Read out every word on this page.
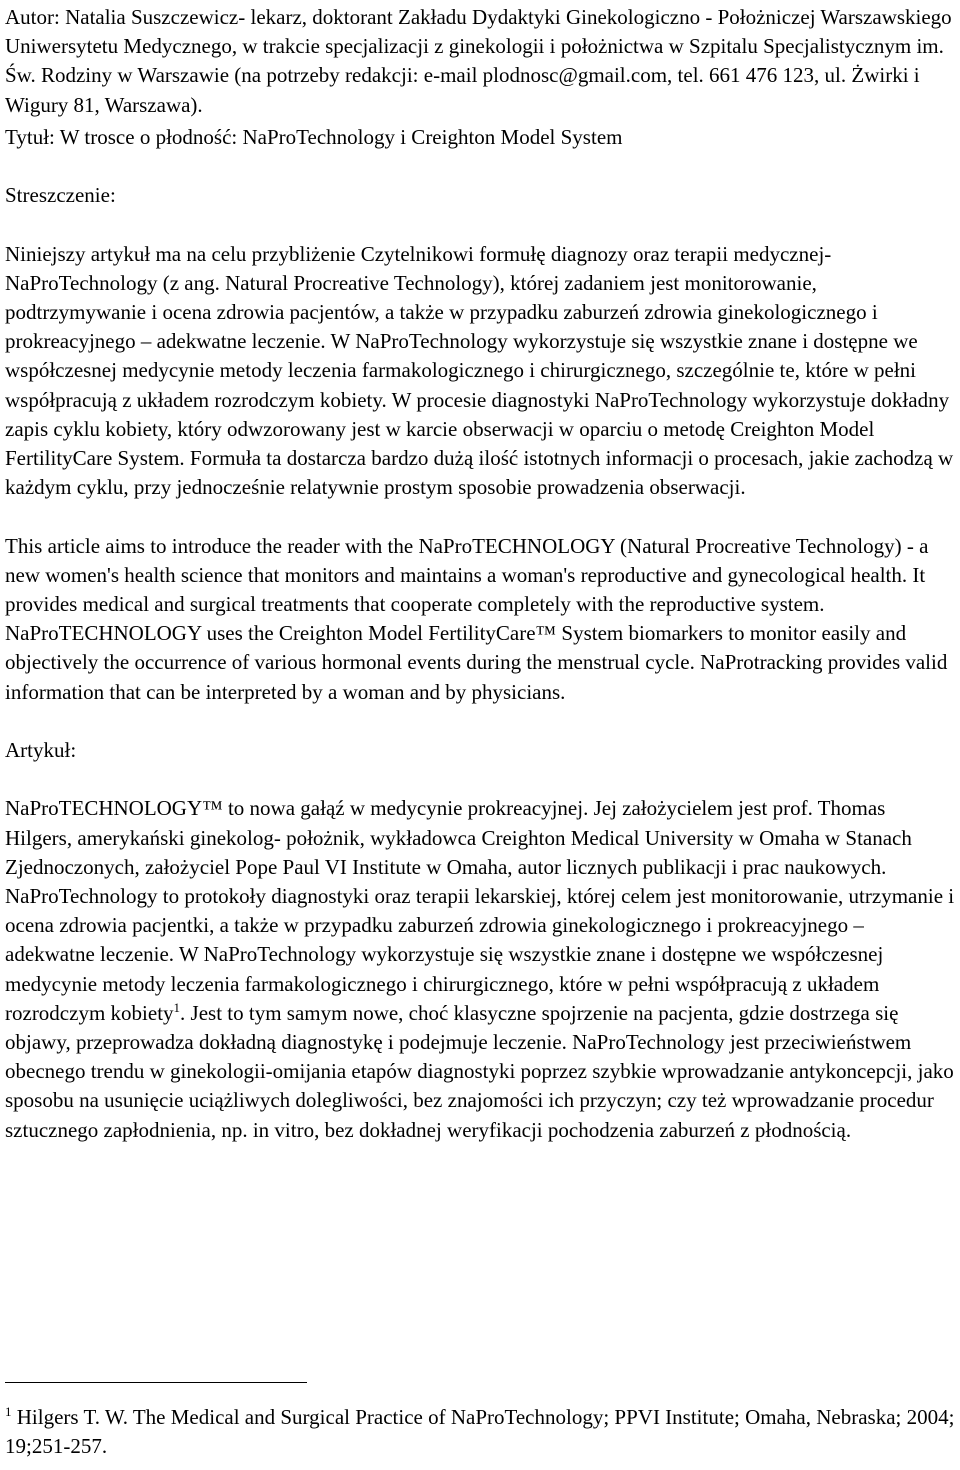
Autor: Natalia Suszczewicz- lekarz, doktorant Zakładu Dydaktyki Ginekologiczno - Położniczej Warszawskiego Uniwersytetu Medycznego, w trakcie specjalizacji z ginekologii i położnictwa w Szpitalu Specjalistycznym im. Św. Rodziny w Warszawie (na potrzeby redakcji: e-mail plodnosc@gmail.com, tel. 661 476 123, ul. Żwirki i Wigury 81, Warszawa).

Tytuł: W trosce o płodność: NaProTechnology i Creighton Model System

Streszczenie:

Niniejszy artykuł ma na celu przybliżenie Czytelnikowi formułę diagnozy oraz terapii medycznej- NaProTechnology (z ang. Natural Procreative Technology), której zadaniem jest monitorowanie, podtrzymywanie i ocena zdrowia pacjentów, a także w przypadku zaburzeń zdrowia ginekologicznego i prokreacyjnego – adekwatne leczenie. W NaProTechnology wykorzystuje się wszystkie znane i dostępne we współczesnej medycynie metody leczenia farmakologicznego i chirurgicznego, szczególnie te, które w pełni współpracują z układem rozrodczym kobiety. W procesie diagnostyki NaProTechnology wykorzystuje dokładny zapis cyklu kobiety, który odwzorowany jest w karcie obserwacji w oparciu o metodę Creighton Model FertilityCare System. Formuła ta dostarcza bardzo dużą ilość istotnych informacji o procesach, jakie zachodzą w każdym cyklu, przy jednocześnie relatywnie prostym sposobie prowadzenia obserwacji.

This article aims to introduce the reader with the NaProTECHNOLOGY (Natural Procreative Technology) - a new women's health science that monitors and maintains a woman's reproductive and gynecological health. It provides medical and surgical treatments that cooperate completely with the reproductive system. NaProTECHNOLOGY uses the Creighton Model FertilityCare™ System biomarkers to monitor easily and objectively the occurrence of various hormonal events during the menstrual cycle. NaProtracking provides valid information that can be interpreted by a woman and by physicians.

Artykuł:

NaProTECHNOLOGY™ to nowa gałąź w medycynie prokreacyjnej. Jej założycielem jest prof. Thomas Hilgers, amerykański ginekolog- położnik, wykładowca Creighton Medical University w Omaha w Stanach Zjednoczonych, założyciel Pope Paul VI Institute w Omaha, autor licznych publikacji i prac naukowych. NaProTechnology to protokoły diagnostyki oraz terapii lekarskiej, której celem jest monitorowanie, utrzymanie i ocena zdrowia pacjentki, a także w przypadku zaburzeń zdrowia ginekologicznego i prokreacyjnego – adekwatne leczenie. W NaProTechnology wykorzystuje się wszystkie znane i dostępne we współczesnej medycynie metody leczenia farmakologicznego i chirurgicznego, które w pełni współpracują z układem rozrodczym kobiety$^1$. Jest to tym samym nowe, choć klasyczne spojrzenie na pacjenta, gdzie dostrzega się objawy, przeprowadza dokładną diagnostykę i podejmuje leczenie. NaProTechnology jest przeciwieństwem obecnego trendu w ginekologii-omijania etapów diagnostyki poprzez szybkie wprowadzanie antykoncepcji, jako sposobu na usunięcie uciążliwych dolegliwości, bez znajomości ich przyczyn; czy też wprowadzanie procedur sztucznego zapłodnienia, np. in vitro, bez dokładnej weryfikacji pochodzenia zaburzeń z płodnością.

$^1$ Hilgers T. W. The Medical and Surgical Practice of NaProTechnology; PPVI Institute; Omaha, Nebraska; 2004; 19;251-257.
